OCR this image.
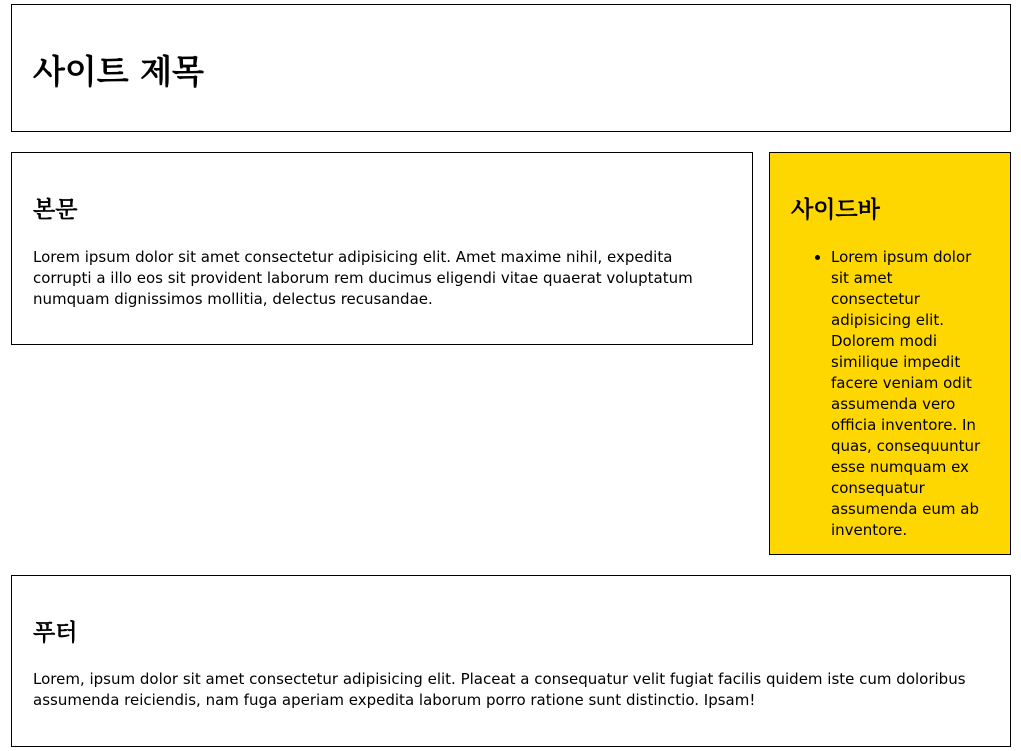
사이트 제목
본문

Lorem ipsum dolor sit amet consectetur adipisicing elit. Amet maxime nihil, expedita corrupti a illo eos sit provident laborum rem ducimus eligendi vitae quaerat voluptatum numquam dignissimos mollitia, delectus recusandae.

사이드바
• Lorem ipsum dolor sit amet consectetur adipisicing elit. Dolorem modi similique impedit facere veniam odit assumenda vero officia inventore. In quas, consequuntur esse numquam ex consequatur assumenda eum ab inventore.
푸터

Lorem, ipsum dolor sit amet consectetur adipisicing elit. Placeat a consequatur velit fugiat facilis quidem iste cum doloribus assumenda reiciendis, nam fuga aperiam expedita laborum porro ratione sunt distinctio. Ipsam!
